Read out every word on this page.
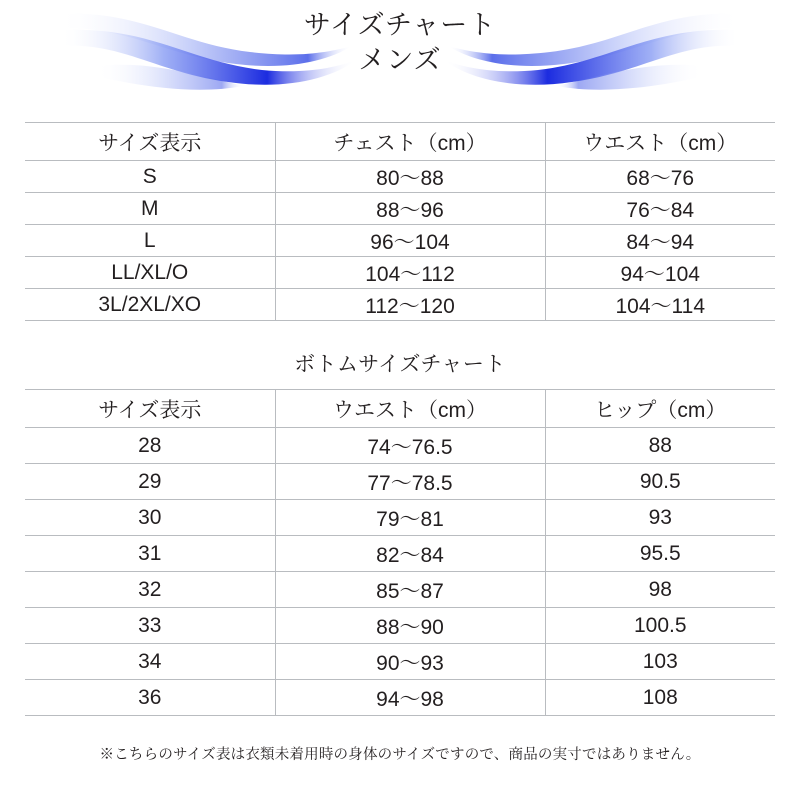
サイズチャート
メンズ
サイズ表示	チェスト（cm）	ウエスト（cm）
S	80〜88	68〜76
M	88〜96	76〜84
L	96〜104	84〜94
LL/XL/O	104〜112	94〜104
3L/2XL/XO	112〜120	104〜114
ボトムサイズチャート
サイズ表示	ウエスト（cm）	ヒップ（cm）
28	74〜76.5	88
29	77〜78.5	90.5
30	79〜81	93
31	82〜84	95.5
32	85〜87	98
33	88〜90	100.5
34	90〜93	103
36	94〜98	108
※こちらのサイズ表は衣類未着用時の身体のサイズですので、商品の実寸ではありません。
